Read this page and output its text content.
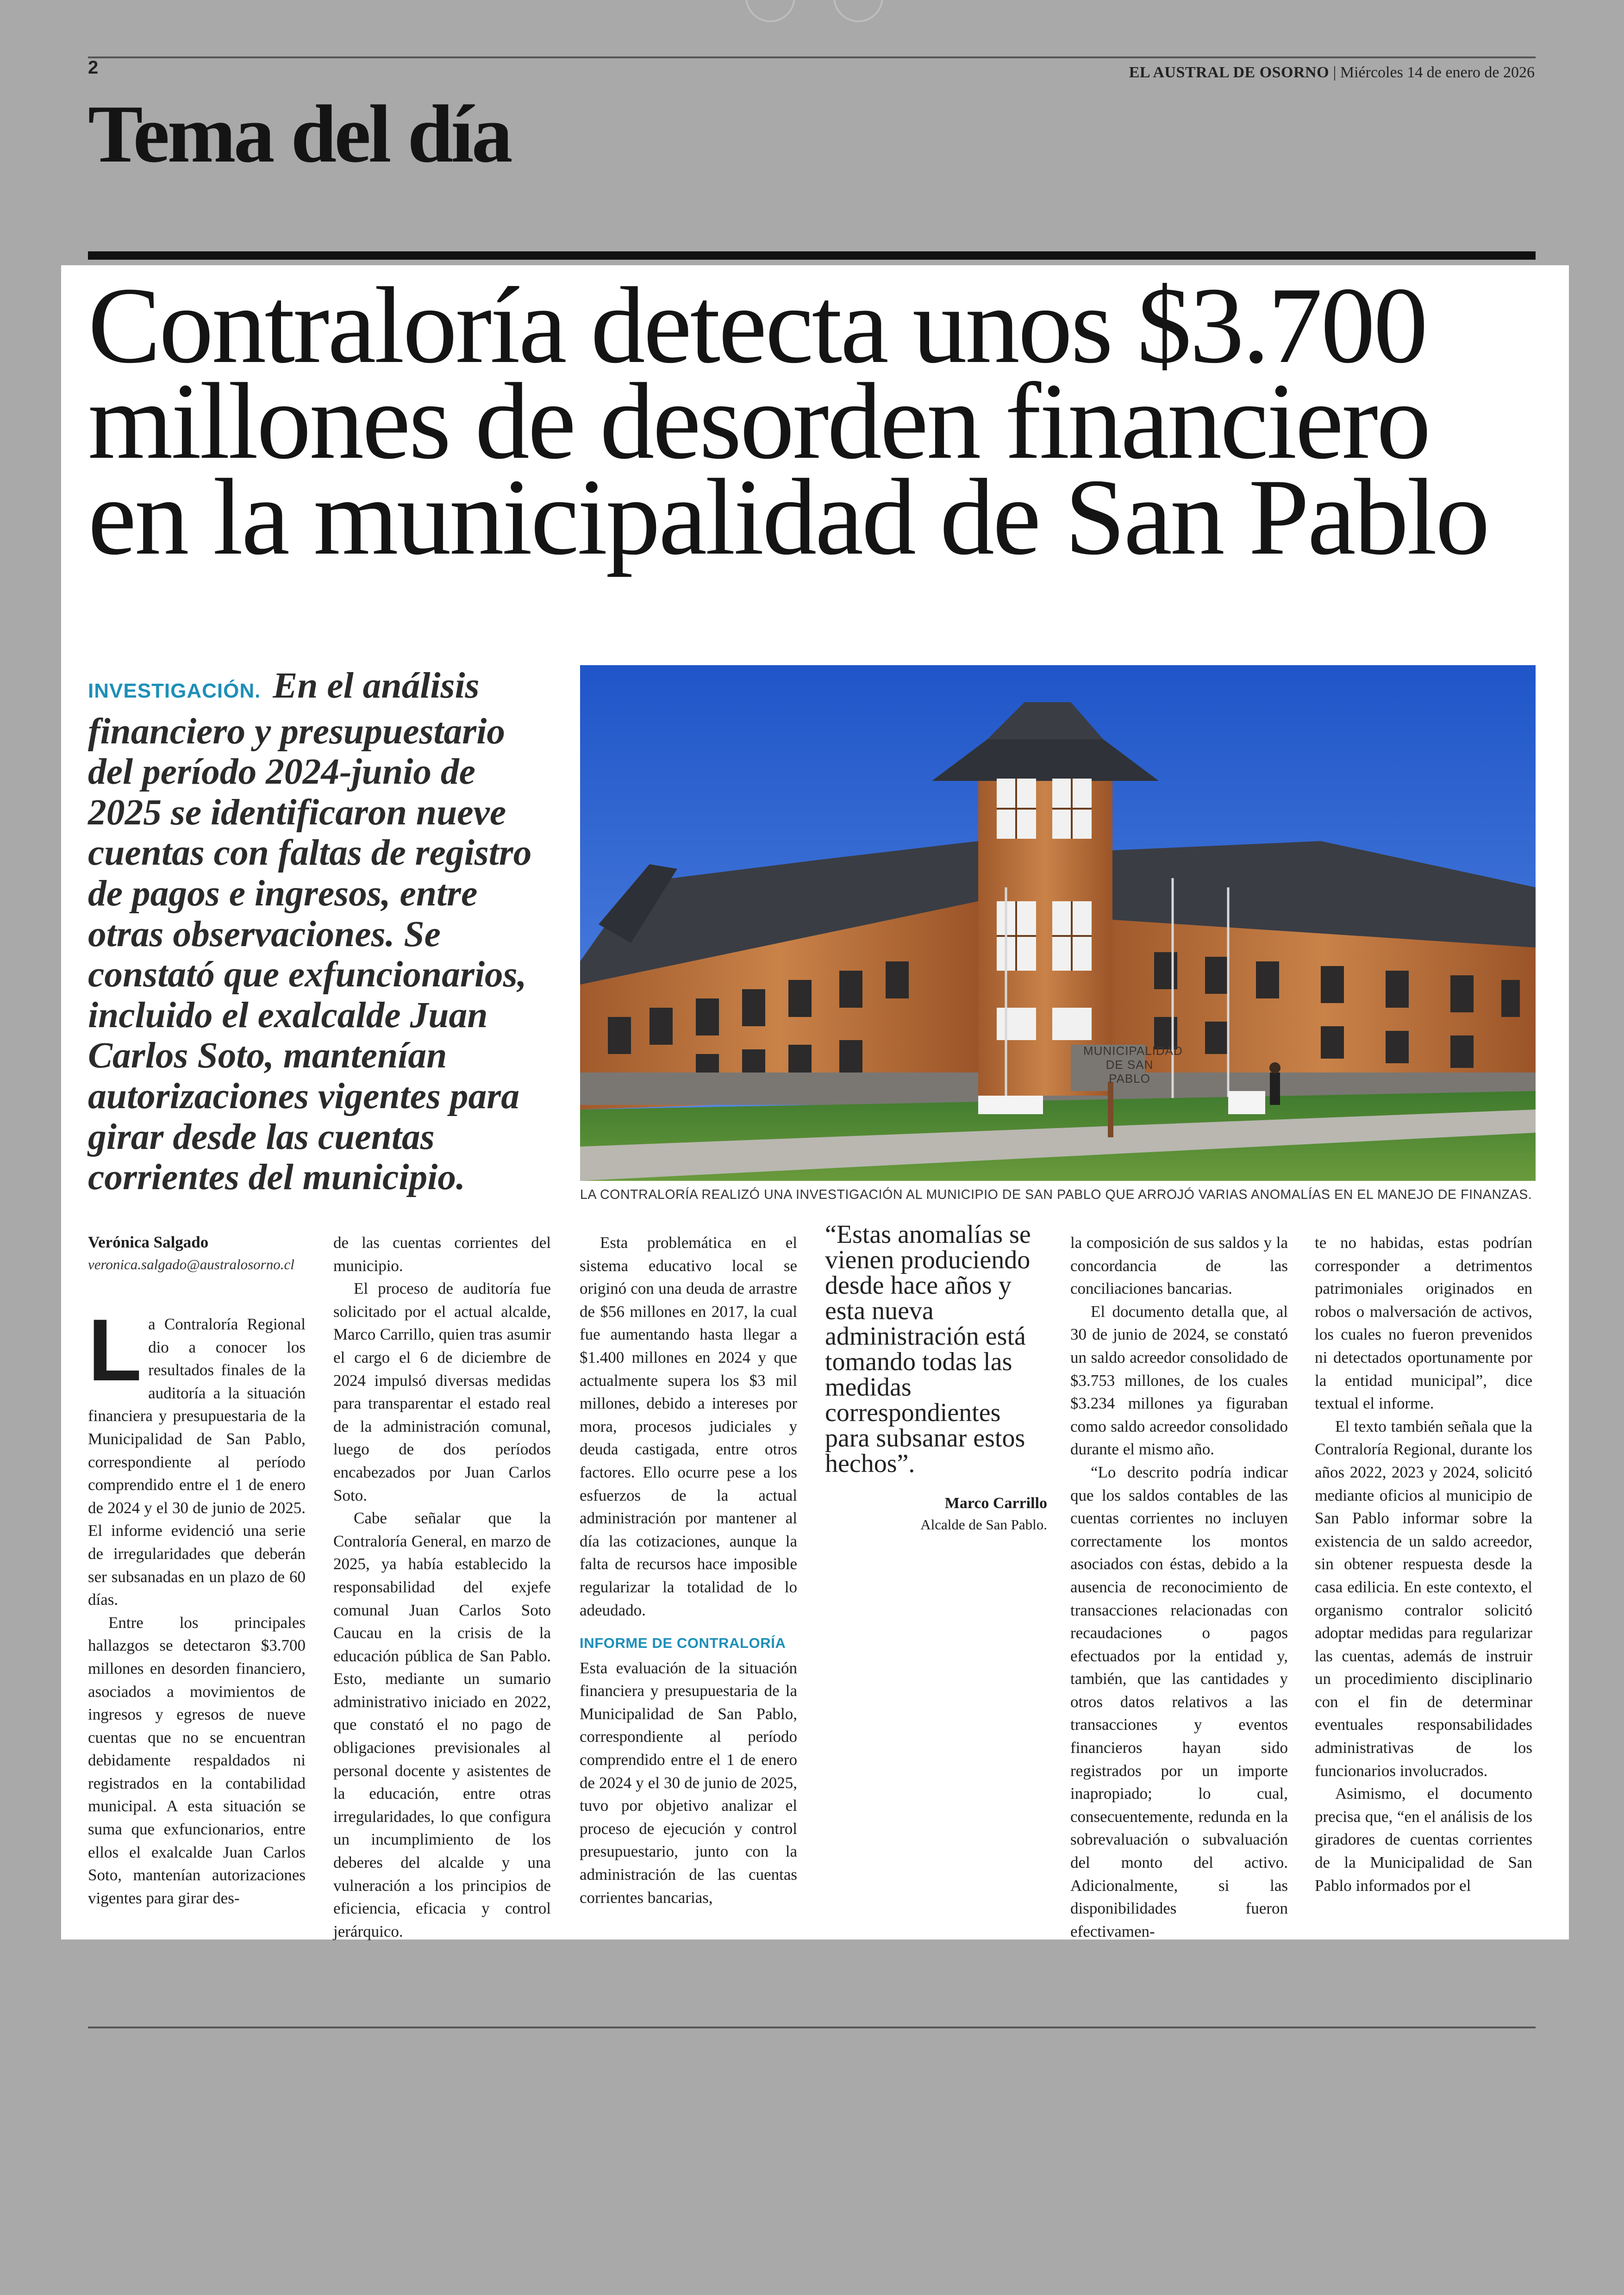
2	EL AUSTRAL DE OSORNO | Miércoles 14 de enero de 2026
Tema del día
Contraloría detecta unos $3.700
millones de desorden financiero
en la municipalidad de San Pablo
INVESTIGACIÓN. En el análisis financiero y presupuestario del período 2024-junio de 2025 se identificaron nueve cuentas con faltas de registro de pagos e ingresos, entre otras observaciones. Se constató que exfuncionarios, incluido el exalcalde Juan Carlos Soto, mantenían autorizaciones vigentes para girar desde las cuentas corrientes del municipio.
MUNICIPALIDAD DE SAN PABLO
LA CONTRALORÍA REALIZÓ UNA INVESTIGACIÓN AL MUNICIPIO DE SAN PABLO QUE ARROJÓ VARIAS ANOMALÍAS EN EL MANEJO DE FINANZAS.
Verónica Salgado
veronica.salgado@australosorno.cl

La Contraloría Regional dio a conocer los resultados finales de la auditoría a la situación financiera y presupuestaria de la Municipalidad de San Pablo, correspondiente al período comprendido entre el 1 de enero de 2024 y el 30 de junio de 2025. El informe evidenció una serie de irregularidades que deberán ser subsanadas en un plazo de 60 días.

Entre los principales hallazgos se detectaron $3.700 millones en desorden financiero, asociados a movimientos de ingresos y egresos de nueve cuentas que no se encuentran debidamente respaldados ni registrados en la contabilidad municipal. A esta situación se suma que exfuncionarios, entre ellos el exalcalde Juan Carlos Soto, mantenían autorizaciones vigentes para girar des-

de las cuentas corrientes del municipio.

El proceso de auditoría fue solicitado por el actual alcalde, Marco Carrillo, quien tras asumir el cargo el 6 de diciembre de 2024 impulsó diversas medidas para transparentar el estado real de la administración comunal, luego de dos períodos encabezados por Juan Carlos Soto.

Cabe señalar que la Contraloría General, en marzo de 2025, ya había establecido la responsabilidad del exjefe comunal Juan Carlos Soto Caucau en la crisis de la educación pública de San Pablo. Esto, mediante un sumario administrativo iniciado en 2022, que constató el no pago de obligaciones previsionales al personal docente y asistentes de la educación, entre otras irregularidades, lo que configura un incumplimiento de los deberes del alcalde y una vulneración a los principios de eficiencia, eficacia y control jerárquico.

Esta problemática en el sistema educativo local se originó con una deuda de arrastre de $56 millones en 2017, la cual fue aumentando hasta llegar a $1.400 millones en 2024 y que actualmente supera los $3 mil millones, debido a intereses por mora, procesos judiciales y deuda castigada, entre otros factores. Ello ocurre pese a los esfuerzos de la actual administración por mantener al día las cotizaciones, aunque la falta de recursos hace imposible regularizar la totalidad de lo adeudado.

INFORME DE CONTRALORÍA

Esta evaluación de la situación financiera y presupuestaria de la Municipalidad de San Pablo, correspondiente al período comprendido entre el 1 de enero de 2024 y el 30 de junio de 2025, tuvo por objetivo analizar el proceso de ejecución y control presupuestario, junto con la administración de las cuentas corrientes bancarias,

“Estas anomalías se vienen produciendo desde hace años y esta nueva administración está tomando todas las medidas correspondientes para subsanar estos hechos”.
Marco Carrillo
Alcalde de San Pablo.

la composición de sus saldos y la concordancia de las conciliaciones bancarias.

El documento detalla que, al 30 de junio de 2024, se constató un saldo acreedor consolidado de $3.753 millones, de los cuales $3.234 millones ya figuraban como saldo acreedor consolidado durante el mismo año.

“Lo descrito podría indicar que los saldos contables de las cuentas corrientes no incluyen correctamente los montos asociados con éstas, debido a la ausencia de reconocimiento de transacciones relacionadas con recaudaciones o pagos efectuados por la entidad y, también, que las cantidades y otros datos relativos a las transacciones y eventos financieros hayan sido registrados por un importe inapropiado; lo cual, consecuentemente, redunda en la sobrevaluación o subvaluación del monto del activo. Adicionalmente, si las disponibilidades fueron efectivamen-

te no habidas, estas podrían corresponder a detrimentos patrimoniales originados en robos o malversación de activos, los cuales no fueron prevenidos ni detectados oportunamente por la entidad municipal”, dice textual el informe.

El texto también señala que la Contraloría Regional, durante los años 2022, 2023 y 2024, solicitó mediante oficios al municipio de San Pablo informar sobre la existencia de un saldo acreedor, sin obtener respuesta desde la casa edilicia. En este contexto, el organismo contralor solicitó adoptar medidas para regularizar las cuentas, además de instruir un procedimiento disciplinario con el fin de determinar eventuales responsabilidades administrativas de los funcionarios involucrados.

Asimismo, el documento precisa que, “en el análisis de los giradores de cuentas corrientes de la Municipalidad de San Pablo informados por el
